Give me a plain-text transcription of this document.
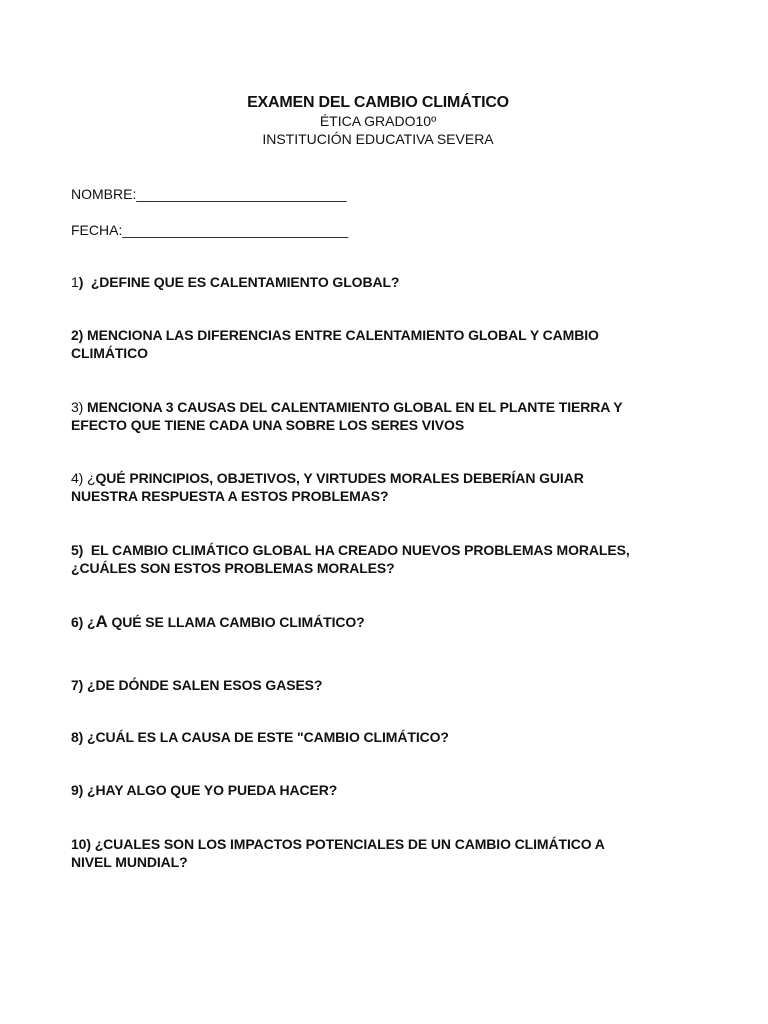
EXAMEN DEL CAMBIO CLIMÁTICO
ÉTICA GRADO10º
INSTITUCIÓN EDUCATIVA SEVERA
NOMBRE:___________________________
FECHA:_____________________________
1)  ¿DEFINE QUE ES CALENTAMIENTO GLOBAL?
2) MENCIONA LAS DIFERENCIAS ENTRE CALENTAMIENTO GLOBAL Y CAMBIO
CLIMÁTICO
3) MENCIONA 3 CAUSAS DEL CALENTAMIENTO GLOBAL EN EL PLANTE TIERRA Y
EFECTO QUE TIENE CADA UNA SOBRE LOS SERES VIVOS
4) ¿QUÉ PRINCIPIOS, OBJETIVOS, Y VIRTUDES MORALES DEBERÍAN GUIAR
NUESTRA RESPUESTA A ESTOS PROBLEMAS?
5)  EL CAMBIO CLIMÁTICO GLOBAL HA CREADO NUEVOS PROBLEMAS MORALES,
¿CUÁLES SON ESTOS PROBLEMAS MORALES?
6) ¿A QUÉ SE LLAMA CAMBIO CLIMÁTICO?
7) ¿DE DÓNDE SALEN ESOS GASES?
8) ¿CUÁL ES LA CAUSA DE ESTE "CAMBIO CLIMÁTICO?
9) ¿HAY ALGO QUE YO PUEDA HACER?
10) ¿CUALES SON LOS IMPACTOS POTENCIALES DE UN CAMBIO CLIMÁTICO A
NIVEL MUNDIAL?
